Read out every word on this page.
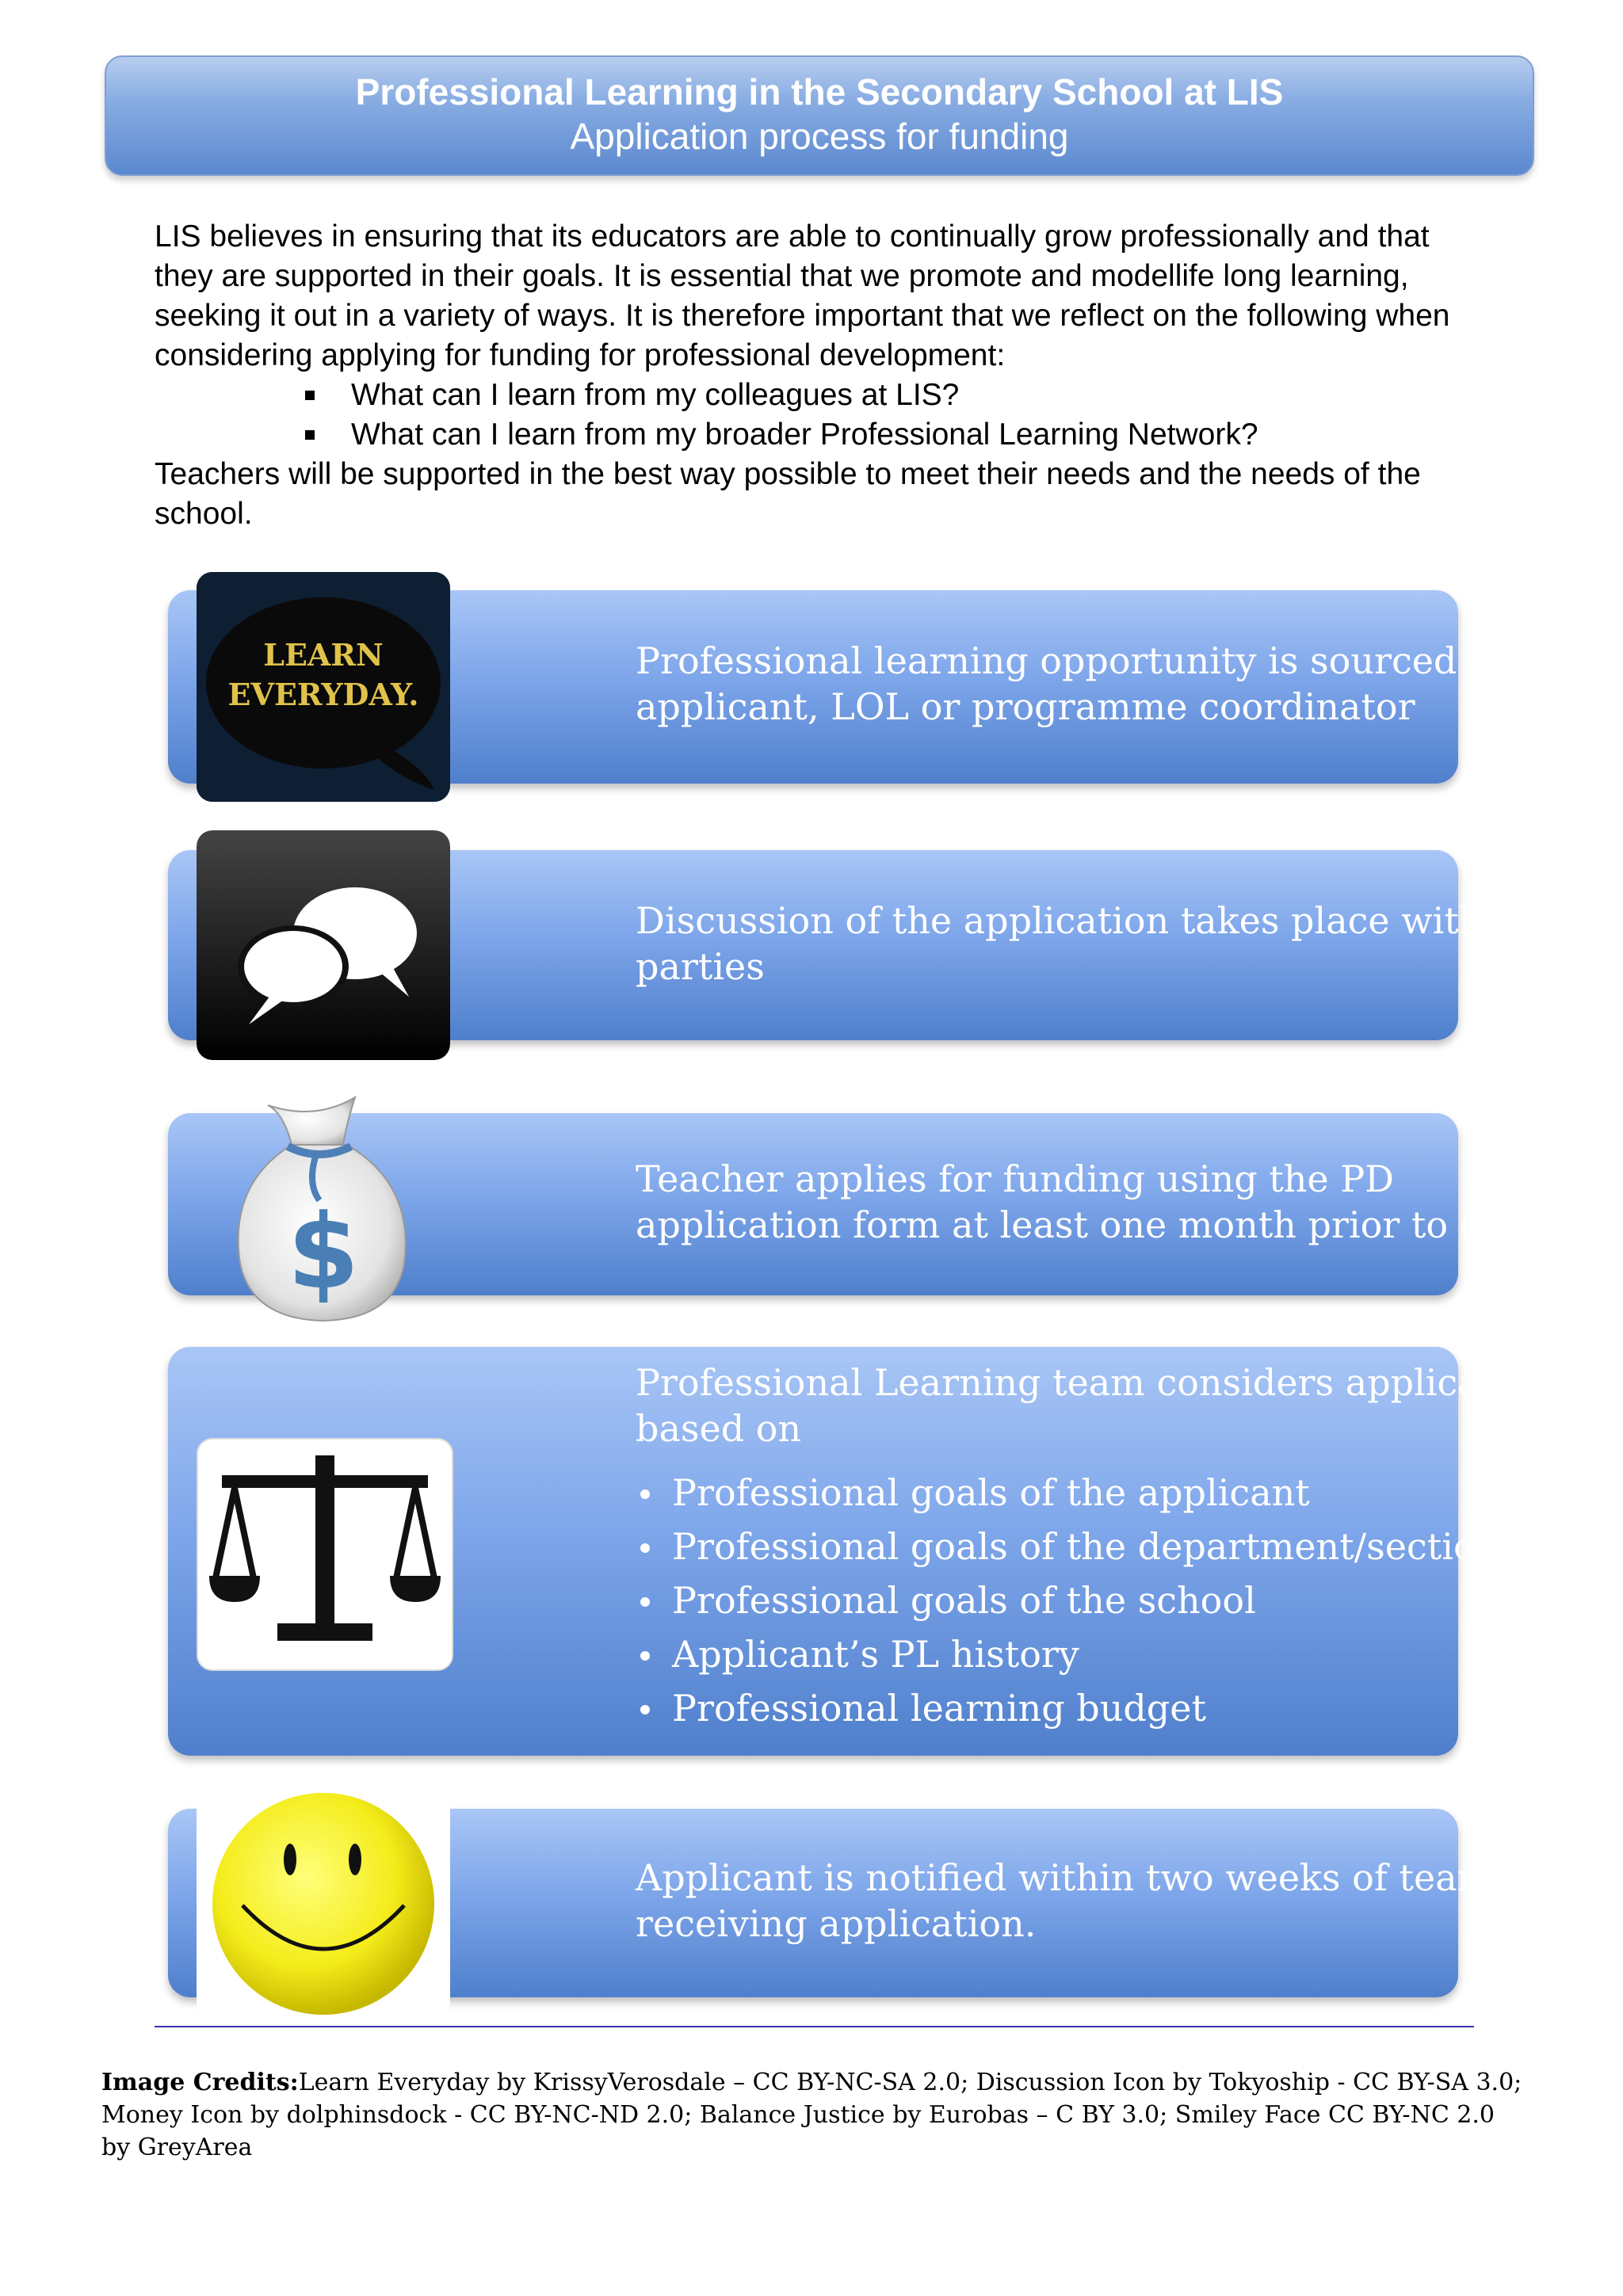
Professional Learning in the Secondary School at LIS
Application process for funding

LIS believes in ensuring that its educators are able to continually grow professionally and that they are supported in their goals. It is essential that we promote and modellife long learning, seeking it out in a variety of ways. It is therefore important that we reflect on the following when considering applying for funding for professional development:

What can I learn from my colleagues at LIS?
What can I learn from my broader Professional Learning Network?

Teachers will be supported in the best way possible to meet their needs and the needs of the school.

Professional learning opportunity is sourced by applicant, LOL or programme coordinator
LEARN
EVERYDAY.
Discussion of the application takes place with above parties
Teacher applies for funding using the PD application form at least one month prior to event.
$
Professional Learning team considers application based on
Professional goals of the applicant
Professional goals of the department/section
Professional goals of the school
Applicant’s PL history
Professional learning budget
Applicant is notified within two weeks of team receiving application.
Image Credits:Learn Everyday by KrissyVerosdale – CC BY-NC-SA 2.0; Discussion Icon by Tokyoship - CC BY-SA 3.0; Money Icon by dolphinsdock - CC BY-NC-ND 2.0; Balance Justice by Eurobas – C BY 3.0; Smiley Face CC BY-NC 2.0 by GreyArea
